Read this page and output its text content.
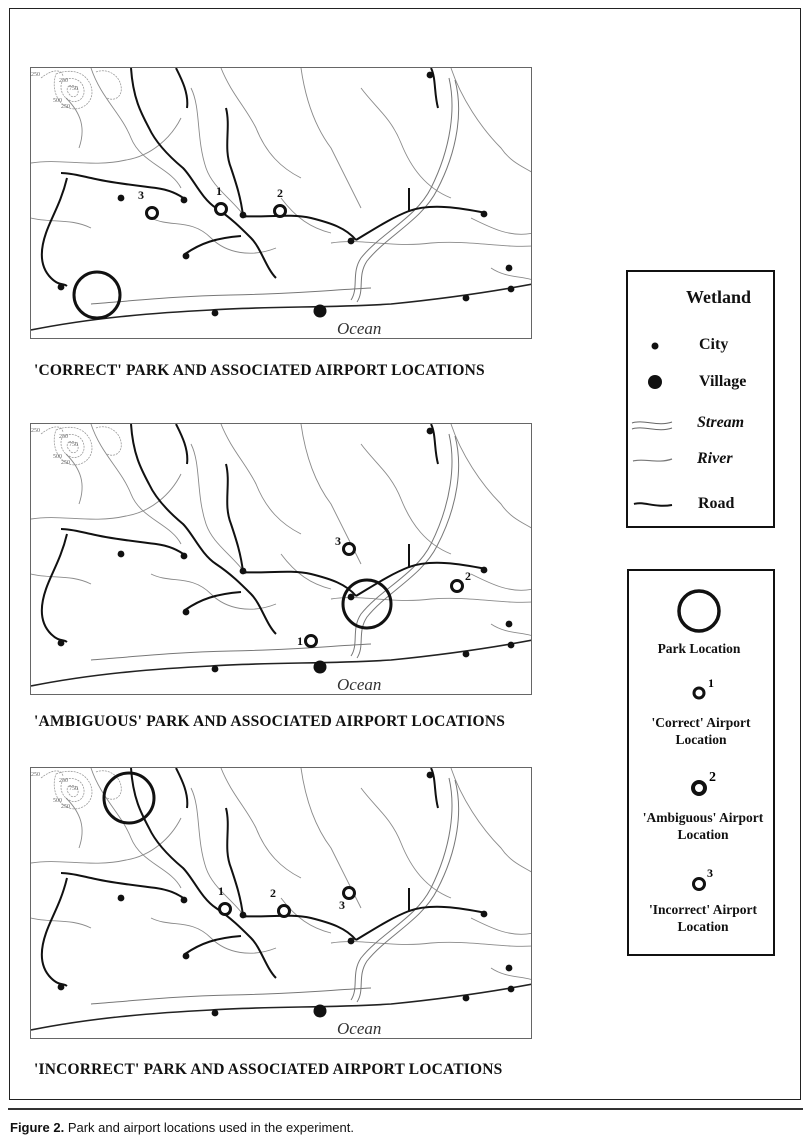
250
250
750
500
250
Ocean
1	2
3
'CORRECT' PARK AND ASSOCIATED AIRPORT LOCATIONS
250
250
750
500
250
Ocean
1
2
3
'AMBIGUOUS' PARK AND ASSOCIATED AIRPORT LOCATIONS
250
250
750
500
250
Ocean
1	2
3
'INCORRECT' PARK AND ASSOCIATED AIRPORT LOCATIONS
Wetland
City
Village
Stream
River
Road
1
2
3
Park Location
'Correct' Airport Location
'Ambiguous' Airport Location
'Incorrect' Airport Location
Figure 2. Park and airport locations used in the experiment.
